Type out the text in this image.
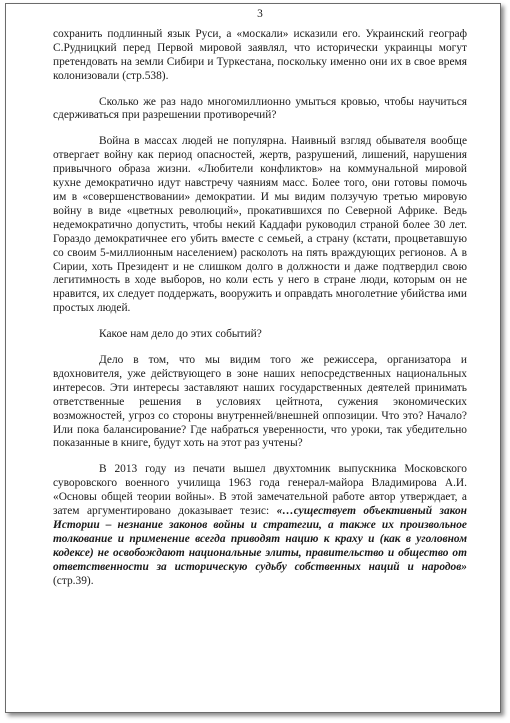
3

сохранить подлинный язык Руси, а «москали» исказили его. Украинский географ С.Рудницкий перед Первой мировой заявлял, что исторически украинцы могут претендовать на земли Сибири и Туркестана, поскольку именно они их в свое время колонизовали (стр.538).

Сколько же раз надо многомиллионно умыться кровью, чтобы научиться сдерживаться при разрешении противоречий?

Война в массах людей не популярна. Наивный взгляд обывателя вообще отвергает войну как период опасностей, жертв, разрушений, лишений, нарушения привычного образа жизни. «Любители конфликтов» на коммунальной мировой кухне демократично идут навстречу чаяниям масс. Более того, они готовы помочь им в «совершенствовании» демократии. И мы видим ползучую третью мировую войну в виде «цветных революций», прокатившихся по Северной Африке. Ведь недемократично допустить, чтобы некий Каддафи руководил страной более 30 лет. Гораздо демократичнее его убить вместе с семьей, а страну (кстати, процветавшую со своим 5-миллионным населением) расколоть на пять враждующих регионов. А в Сирии, хоть Президент и не слишком долго в должности и даже подтвердил свою легитимность в ходе выборов, но коли есть у него в стране люди, которым он не нравится, их следует поддержать, вооружить и оправдать многолетние убийства ими простых людей.

Какое нам дело до этих событий?

Дело в том, что мы видим того же режиссера, организатора и вдохновителя, уже действующего в зоне наших непосредственных национальных интересов. Эти интересы заставляют наших государственных деятелей принимать ответственные решения в условиях цейтнота, сужения экономических возможностей, угроз со стороны внутренней/внешней оппозиции. Что это? Начало? Или пока балансирование? Где набраться уверенности, что уроки, так убедительно показанные в книге, будут хоть на этот раз учтены?

В 2013 году из печати вышел двухтомник выпускника Московского суворовского военного училища 1963 года генерал-майора Владимирова А.И. «Основы общей теории войны». В этой замечательной работе автор утверждает, а затем аргументировано доказывает тезис: «…существует объективный закон Истории – незнание законов войны и стратегии, а также их произвольное толкование и применение всегда приводят нацию к краху и (как в уголовном кодексе) не освобождают национальные элиты, правительство и общество от ответственности за историческую судьбу собственных наций и народов» (стр.39).
